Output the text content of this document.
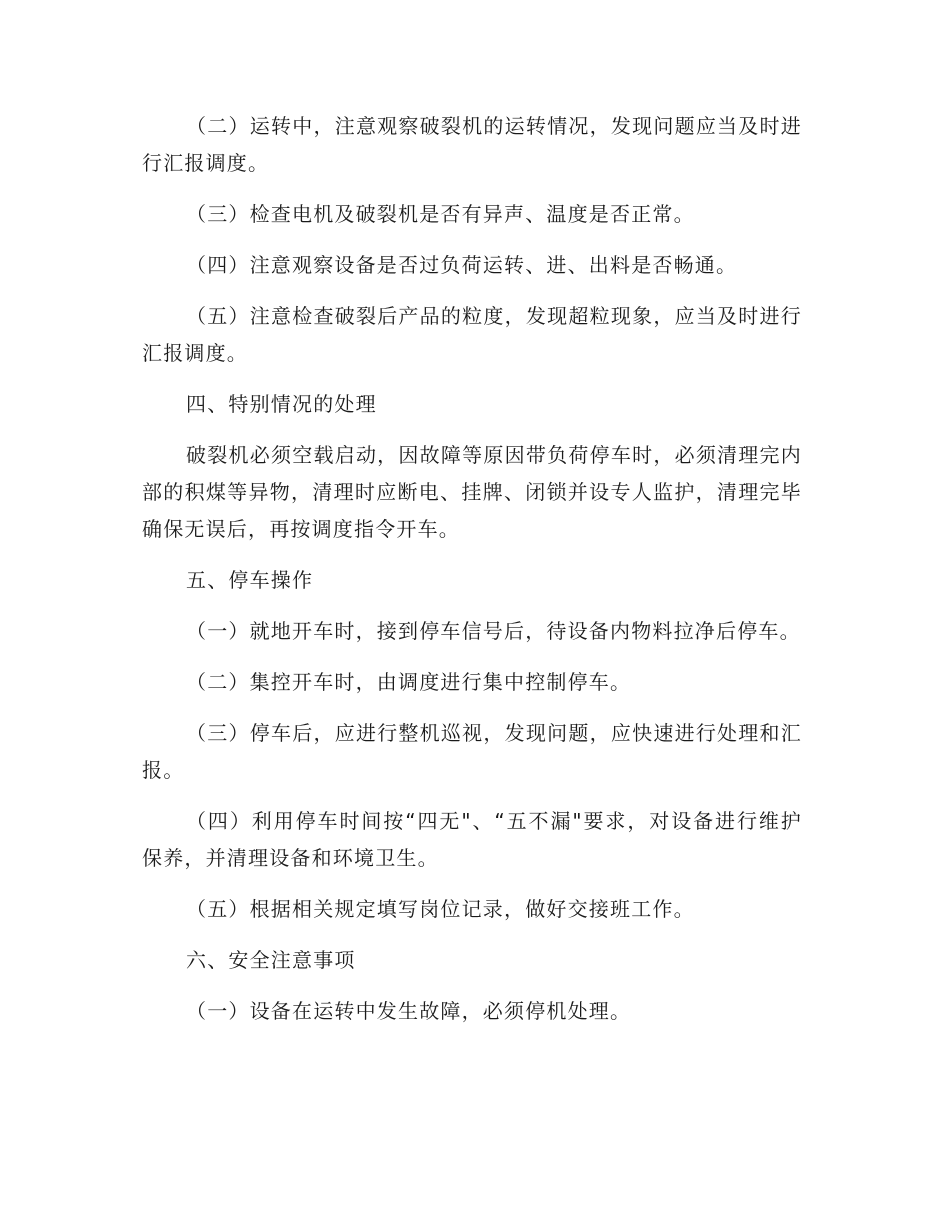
（二）运转中，注意观察破裂机的运转情况，发现问题应当及时进行汇报调度。

（三）检查电机及破裂机是否有异声、温度是否正常。

（四）注意观察设备是否过负荷运转、进、出料是否畅通。

（五）注意检查破裂后产品的粒度，发现超粒现象，应当及时进行汇报调度。

四、特别情况的处理

破裂机必须空载启动，因故障等原因带负荷停车时，必须清理完内部的积煤等异物，清理时应断电、挂牌、闭锁并设专人监护，清理完毕确保无误后，再按调度指令开车。

五、停车操作

（一）就地开车时，接到停车信号后，待设备内物料拉净后停车。

（二）集控开车时，由调度进行集中控制停车。

（三）停车后，应进行整机巡视，发现问题，应快速进行处理和汇报。

（四）利用停车时间按“四无"、“五不漏"要求，对设备进行维护保养，并清理设备和环境卫生。

（五）根据相关规定填写岗位记录，做好交接班工作。

六、安全注意事项

（一）设备在运转中发生故障，必须停机处理。
